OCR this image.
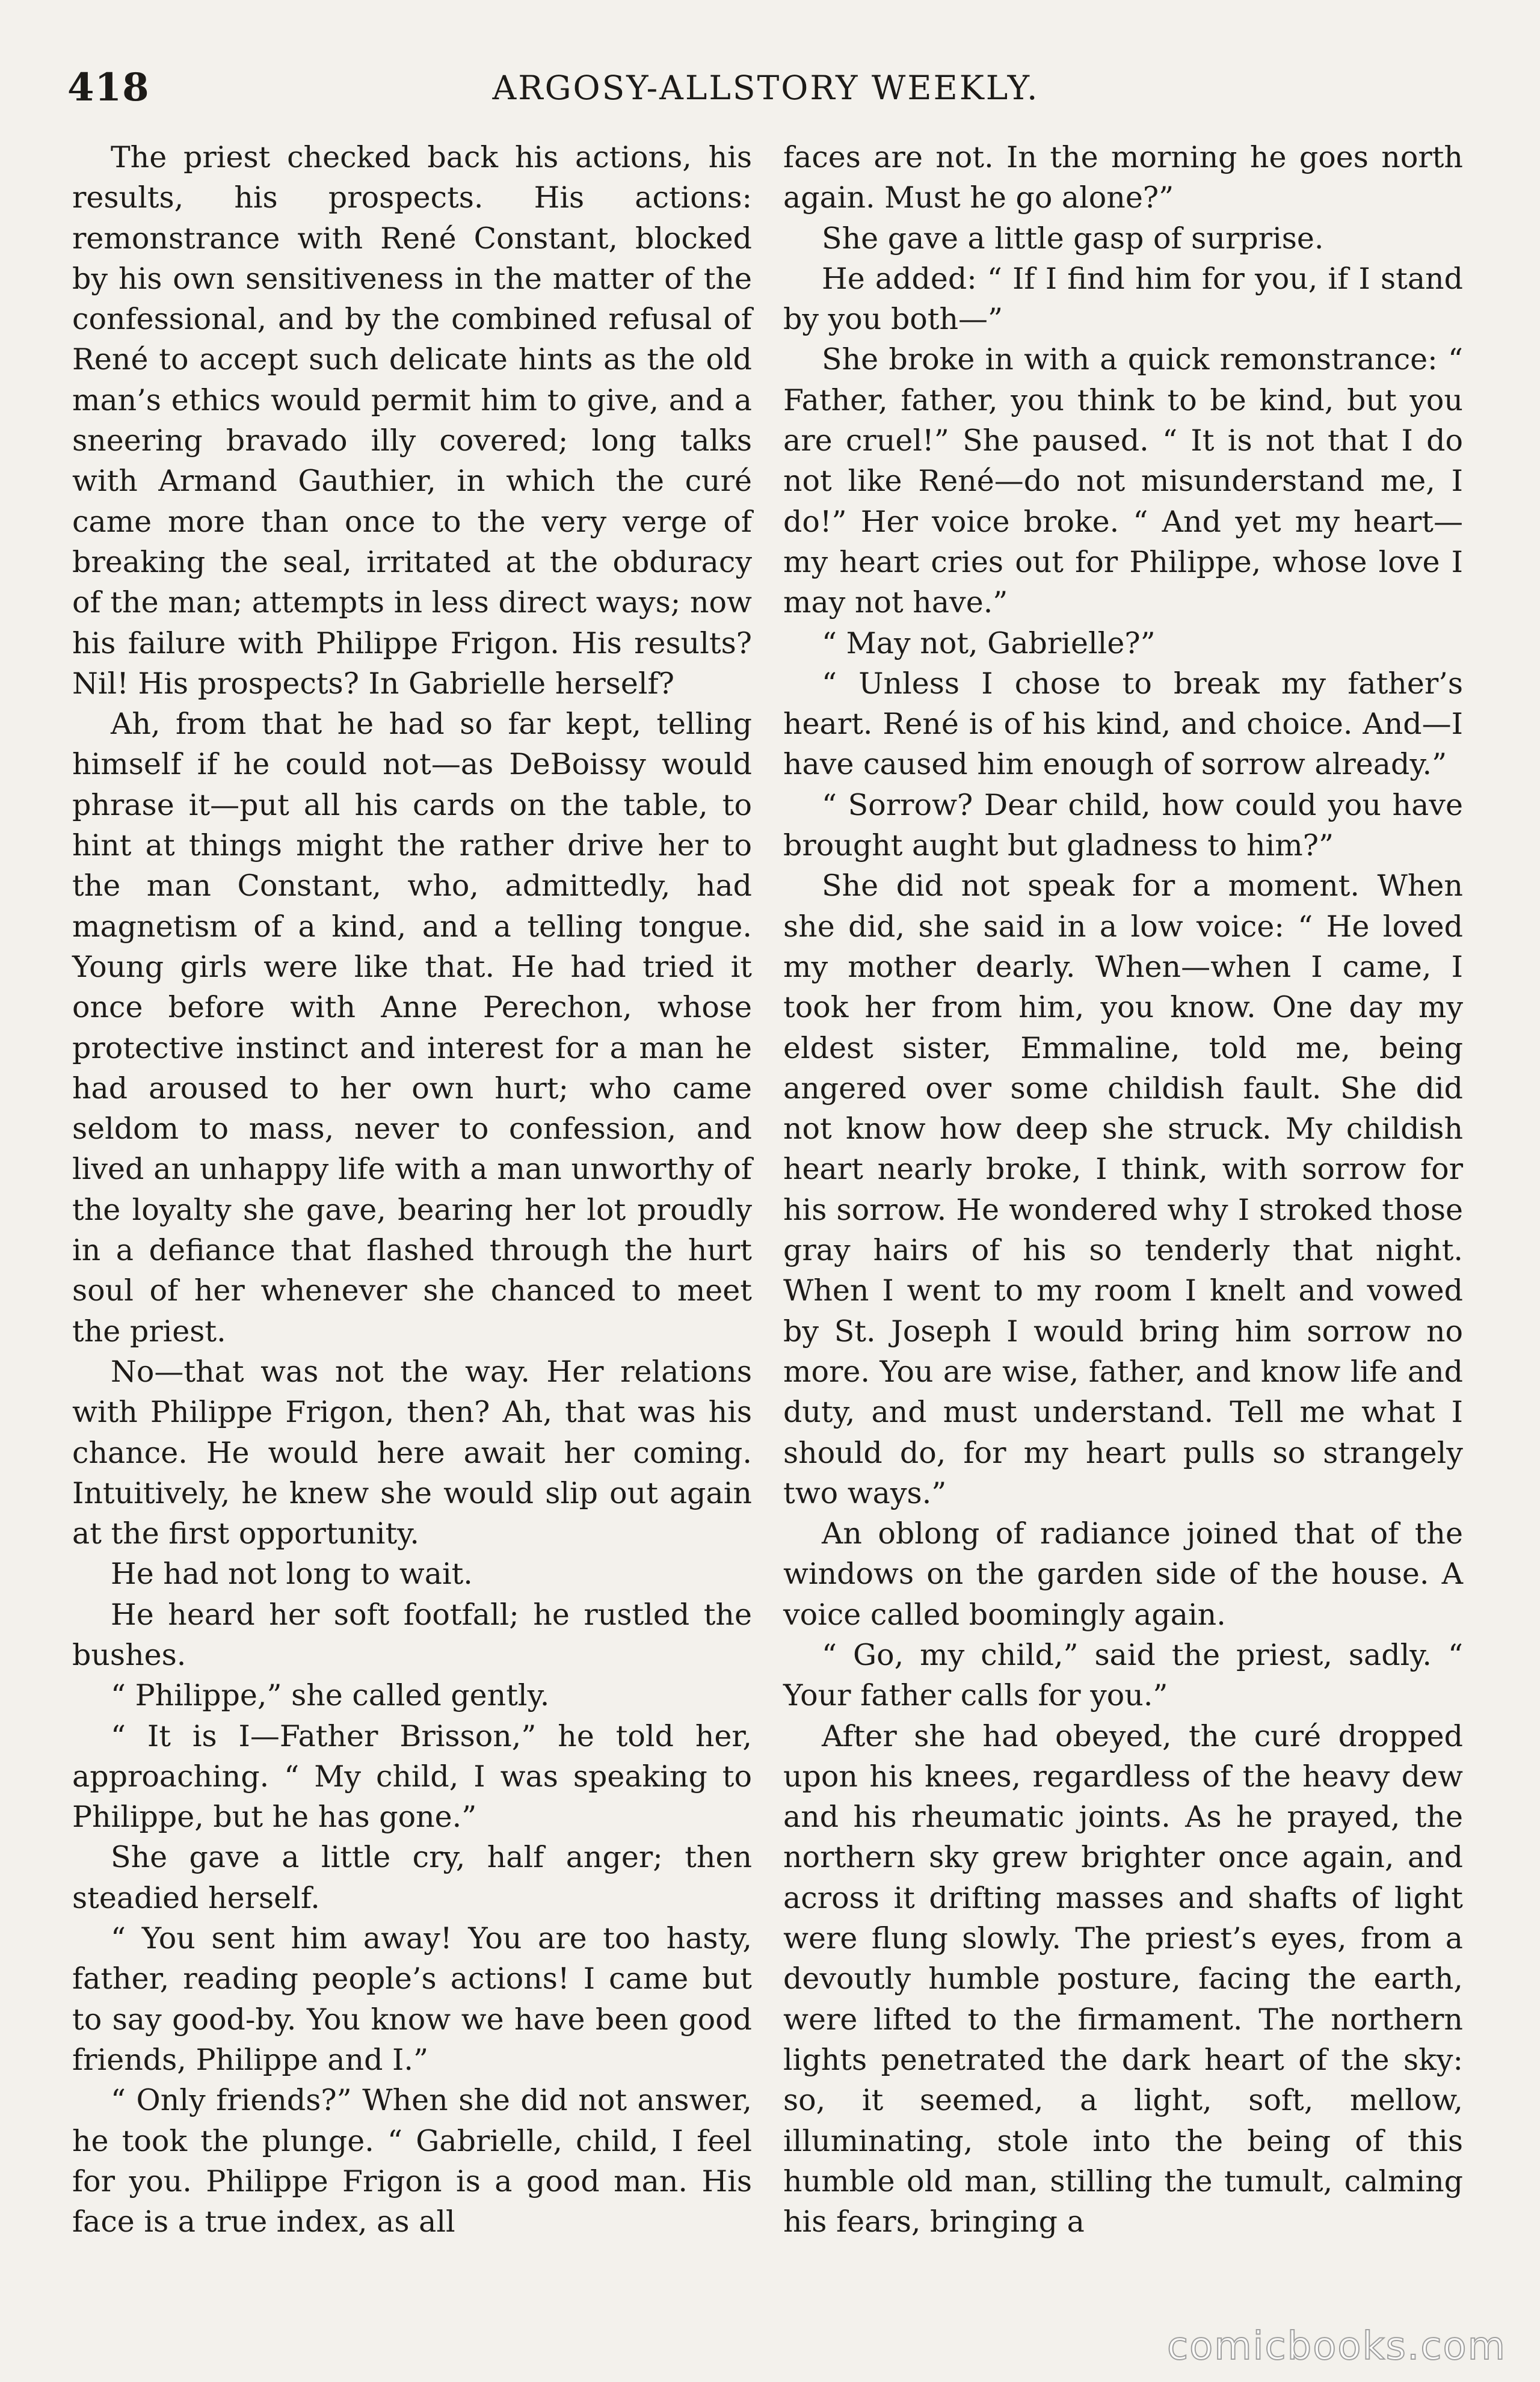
418	ARGOSY-ALLSTORY WEEKLY.

The priest checked back his actions, his results, his prospects. His actions: remonstrance with René Constant, blocked by his own sensitiveness in the matter of the confessional, and by the combined refusal of René to accept such delicate hints as the old man’s ethics would permit him to give, and a sneering bravado illy covered; long talks with Armand Gauthier, in which the curé came more than once to the very verge of breaking the seal, irritated at the obduracy of the man; attempts in less direct ways; now his failure with Philippe Frigon. His results? Nil! His prospects? In Gabrielle herself?

Ah, from that he had so far kept, telling himself if he could not—as DeBoissy would phrase it—put all his cards on the table, to hint at things might the rather drive her to the man Constant, who, admittedly, had magnetism of a kind, and a telling tongue. Young girls were like that. He had tried it once before with Anne Perechon, whose protective instinct and interest for a man he had aroused to her own hurt; who came seldom to mass, never to confession, and lived an unhappy life with a man unworthy of the loyalty she gave, bearing her lot proudly in a defiance that flashed through the hurt soul of her whenever she chanced to meet the priest.

No—that was not the way. Her relations with Philippe Frigon, then? Ah, that was his chance. He would here await her coming. Intuitively, he knew she would slip out again at the first opportunity.

He had not long to wait.

He heard her soft footfall; he rustled the bushes.

“ Philippe,” she called gently.

“ It is I—Father Brisson,” he told her, approaching. “ My child, I was speaking to Philippe, but he has gone.”

She gave a little cry, half anger; then steadied herself.

“ You sent him away! You are too hasty, father, reading people’s actions! I came but to say good-by. You know we have been good friends, Philippe and I.”

“ Only friends?” When she did not answer, he took the plunge. “ Gabrielle, child, I feel for you. Philippe Frigon is a good man. His face is a true index, as all

faces are not. In the morning he goes north again. Must he go alone?”

She gave a little gasp of surprise.

He added: “ If I find him for you, if I stand by you both—”

She broke in with a quick remonstrance: “ Father, father, you think to be kind, but you are cruel!” She paused. “ It is not that I do not like René—do not misunderstand me, I do!” Her voice broke. “ And yet my heart—my heart cries out for Philippe, whose love I may not have.”

“ May not, Gabrielle?”

“ Unless I chose to break my father’s heart. René is of his kind, and choice. And—I have caused him enough of sorrow already.”

“ Sorrow? Dear child, how could you have brought aught but gladness to him?”

She did not speak for a moment. When she did, she said in a low voice: “ He loved my mother dearly. When—when I came, I took her from him, you know. One day my eldest sister, Emmaline, told me, being angered over some childish fault. She did not know how deep she struck. My childish heart nearly broke, I think, with sorrow for his sorrow. He wondered why I stroked those gray hairs of his so tenderly that night. When I went to my room I knelt and vowed by St. Joseph I would bring him sorrow no more. You are wise, father, and know life and duty, and must understand. Tell me what I should do, for my heart pulls so strangely two ways.”

An oblong of radiance joined that of the windows on the garden side of the house. A voice called boomingly again.

“ Go, my child,” said the priest, sadly. “ Your father calls for you.”

After she had obeyed, the curé dropped upon his knees, regardless of the heavy dew and his rheumatic joints. As he prayed, the northern sky grew brighter once again, and across it drifting masses and shafts of light were flung slowly. The priest’s eyes, from a devoutly humble posture, facing the earth, were lifted to the firmament. The northern lights penetrated the dark heart of the sky: so, it seemed, a light, soft, mellow, illuminating, stole into the being of this humble old man, stilling the tumult, calming his fears, bringing a

comicbooks.com
